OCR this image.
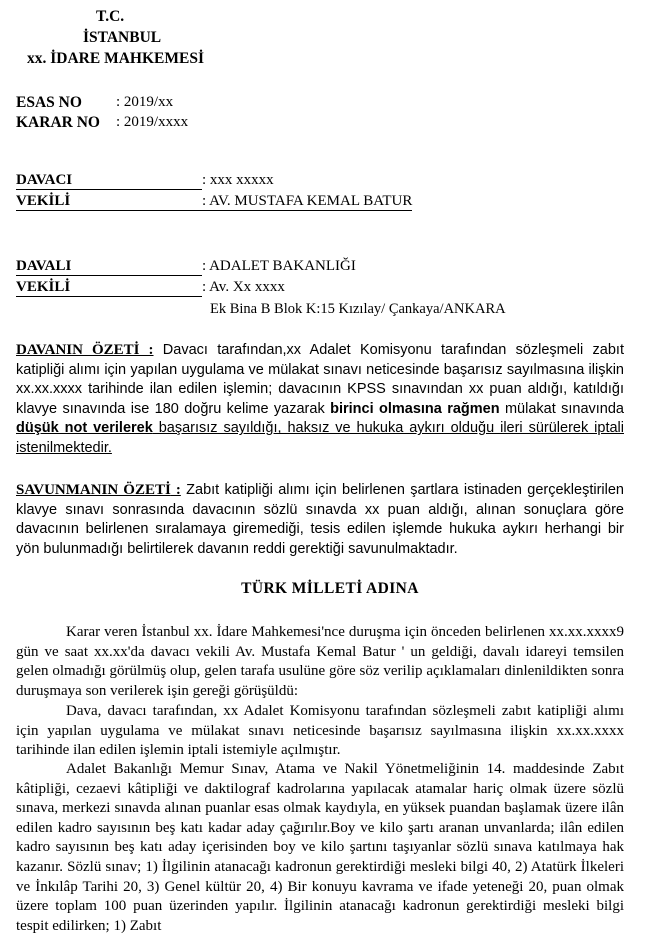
T.C.
İSTANBUL
xx. İDARE MAHKEMESİ
ESAS NO : 2019/xx
KARAR NO : 2019/xxxx
DAVACI	: xxx xxxxx
VEKİLİ	: AV. MUSTAFA KEMAL BATUR
DAVALI	: ADALET BAKANLIĞI
VEKİLİ	: Av. Xx xxxx
Ek Bina B Blok K:15 Kızılay/ Çankaya/ANKARA
DAVANIN ÖZETİ : Davacı tarafından,xx Adalet Komisyonu tarafından sözleşmeli zabıt katipliği alımı için yapılan uygulama ve mülakat sınavı neticesinde başarısız sayılmasına ilişkin xx.xx.xxxx tarihinde ilan edilen işlemin; davacının KPSS sınavından xx puan aldığı, katıldığı klavye sınavında ise 180 doğru kelime yazarak birinci olmasına rağmen mülakat sınavında düşük not verilerek başarısız sayıldığı, haksız ve hukuka aykırı olduğu ileri sürülerek iptali istenilmektedir.
SAVUNMANIN ÖZETİ : Zabıt katipliği alımı için belirlenen şartlara istinaden gerçekleştirilen klavye sınavı sonrasında davacının sözlü sınavda xx puan aldığı, alınan sonuçlara göre davacının belirlenen sıralamaya giremediği, tesis edilen işlemde hukuka aykırı herhangi bir yön bulunmadığı belirtilerek davanın reddi gerektiği savunulmaktadır.
TÜRK MİLLETİ ADINA
Karar veren İstanbul xx. İdare Mahkemesi'nce duruşma için önceden belirlenen xx.xx.xxxx9 gün ve saat xx.xx'da davacı vekili Av. Mustafa Kemal Batur ' un geldiği, davalı idareyi temsilen gelen olmadığı görülmüş olup, gelen tarafa usulüne göre söz verilip açıklamaları dinlenildikten sonra duruşmaya son verilerek işin gereği görüşüldü:
Dava, davacı tarafından, xx Adalet Komisyonu tarafından sözleşmeli zabıt katipliği alımı için yapılan uygulama ve mülakat sınavı neticesinde başarısız sayılmasına ilişkin xx.xx.xxxx tarihinde ilan edilen işlemin iptali istemiyle açılmıştır.
Adalet Bakanlığı Memur Sınav, Atama ve Nakil Yönetmeliğinin 14. maddesinde Zabıt kâtipliği, cezaevi kâtipliği ve daktilograf kadrolarına yapılacak atamalar hariç olmak üzere sözlü sınava, merkezi sınavda alınan puanlar esas olmak kaydıyla, en yüksek puandan başlamak üzere ilân edilen kadro sayısının beş katı kadar aday çağırılır.Boy ve kilo şartı aranan unvanlarda; ilân edilen kadro sayısının beş katı aday içerisinden boy ve kilo şartını taşıyanlar sözlü sınava katılmaya hak kazanır. Sözlü sınav; 1) İlgilinin atanacağı kadronun gerektirdiği mesleki bilgi 40, 2) Atatürk İlkeleri ve İnkılâp Tarihi 20, 3) Genel kültür 20, 4) Bir konuyu kavrama ve ifade yeteneği 20, puan olmak üzere toplam 100 puan üzerinden yapılır. İlgilinin atanacağı kadronun gerektirdiği mesleki bilgi tespit edilirken; 1) Zabıt
